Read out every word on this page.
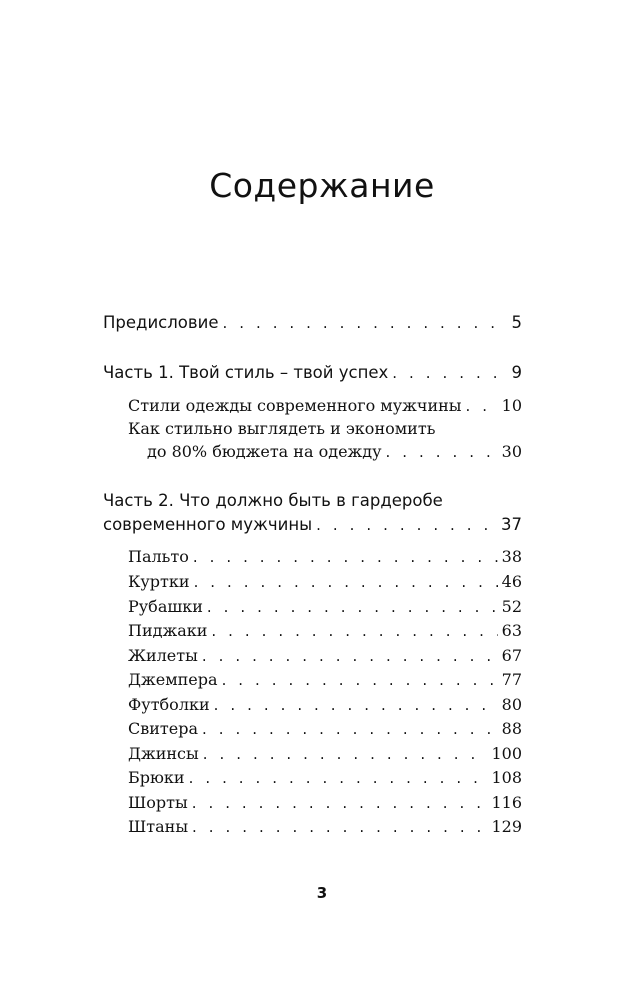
Содержание
Предисловие . . .	5
Часть 1. Твой стиль – твой успех . . .	9
Стили одежды современного мужчины . . .	10
Как стильно выглядеть и экономить
до 80% бюджета на одежду . . .	30
Часть 2. Что должно быть в гардеробе
современного мужчины . . .	37
Пальто . . .	38
Куртки . . .	46
Рубашки . . .	52
Пиджаки . . .	63
Жилеты . . .	67
Джемпера . . .	77
Футболки . . .	80
Свитера . . .	88
Джинсы . . .	100
Брюки . . .	108
Шорты . . .	116
Штаны . . .	129
3
